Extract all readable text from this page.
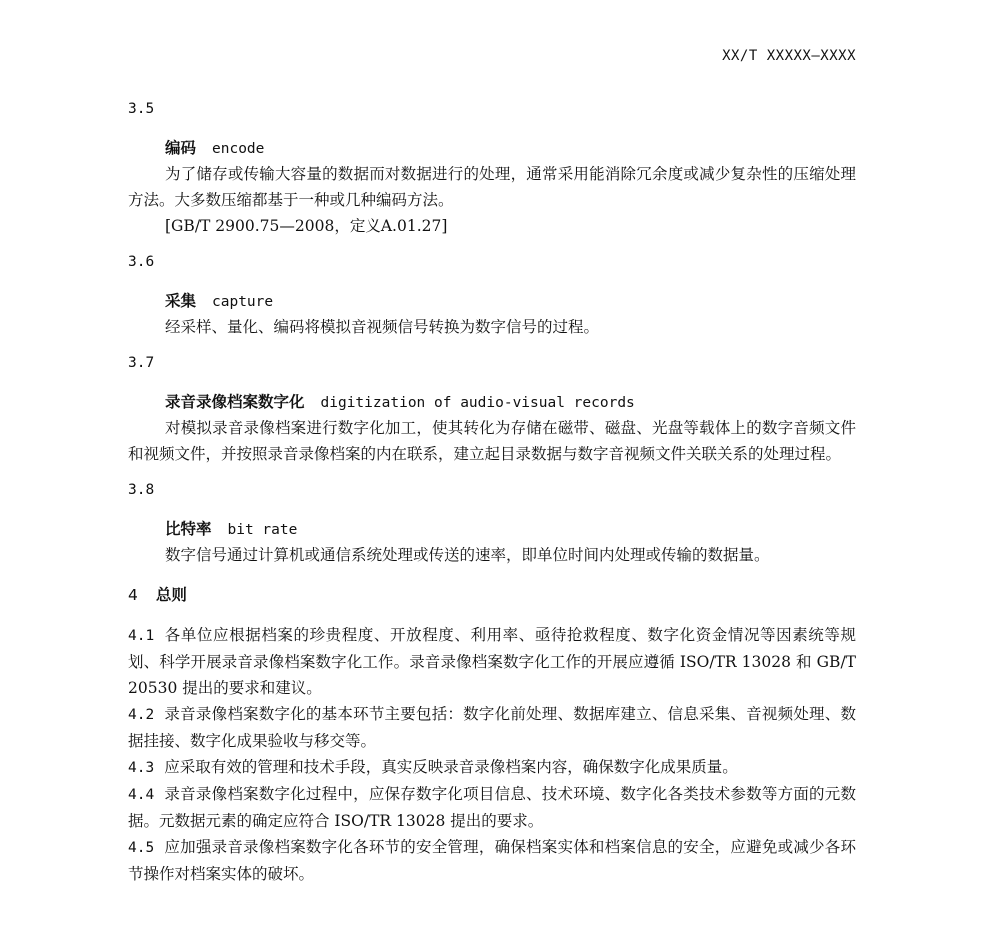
XX/T XXXXX—XXXX
3.5
编码 encode
为了储存或传输大容量的数据而对数据进行的处理，通常采用能消除冗余度或减少复杂性的压缩处理方法。大多数压缩都基于一种或几种编码方法。
[GB/T 2900.75—2008，定义A.01.27]
3.6
采集 capture
经采样、量化、编码将模拟音视频信号转换为数字信号的过程。
3.7
录音录像档案数字化 digitization of audio-visual records
对模拟录音录像档案进行数字化加工，使其转化为存储在磁带、磁盘、光盘等载体上的数字音频文件和视频文件，并按照录音录像档案的内在联系，建立起目录数据与数字音视频文件关联关系的处理过程。
3.8
比特率 bit rate
数字信号通过计算机或通信系统处理或传送的速率，即单位时间内处理或传输的数据量。
4 总则
4.1 各单位应根据档案的珍贵程度、开放程度、利用率、亟待抢救程度、数字化资金情况等因素统等规划、科学开展录音录像档案数字化工作。录音录像档案数字化工作的开展应遵循 ISO/TR 13028 和 GB/T 20530 提出的要求和建议。
4.2 录音录像档案数字化的基本环节主要包括：数字化前处理、数据库建立、信息采集、音视频处理、数据挂接、数字化成果验收与移交等。
4.3 应采取有效的管理和技术手段，真实反映录音录像档案内容，确保数字化成果质量。
4.4 录音录像档案数字化过程中，应保存数字化项目信息、技术环境、数字化各类技术参数等方面的元数据。元数据元素的确定应符合 ISO/TR 13028 提出的要求。
4.5 应加强录音录像档案数字化各环节的安全管理，确保档案实体和档案信息的安全，应避免或减少各环节操作对档案实体的破坏。
